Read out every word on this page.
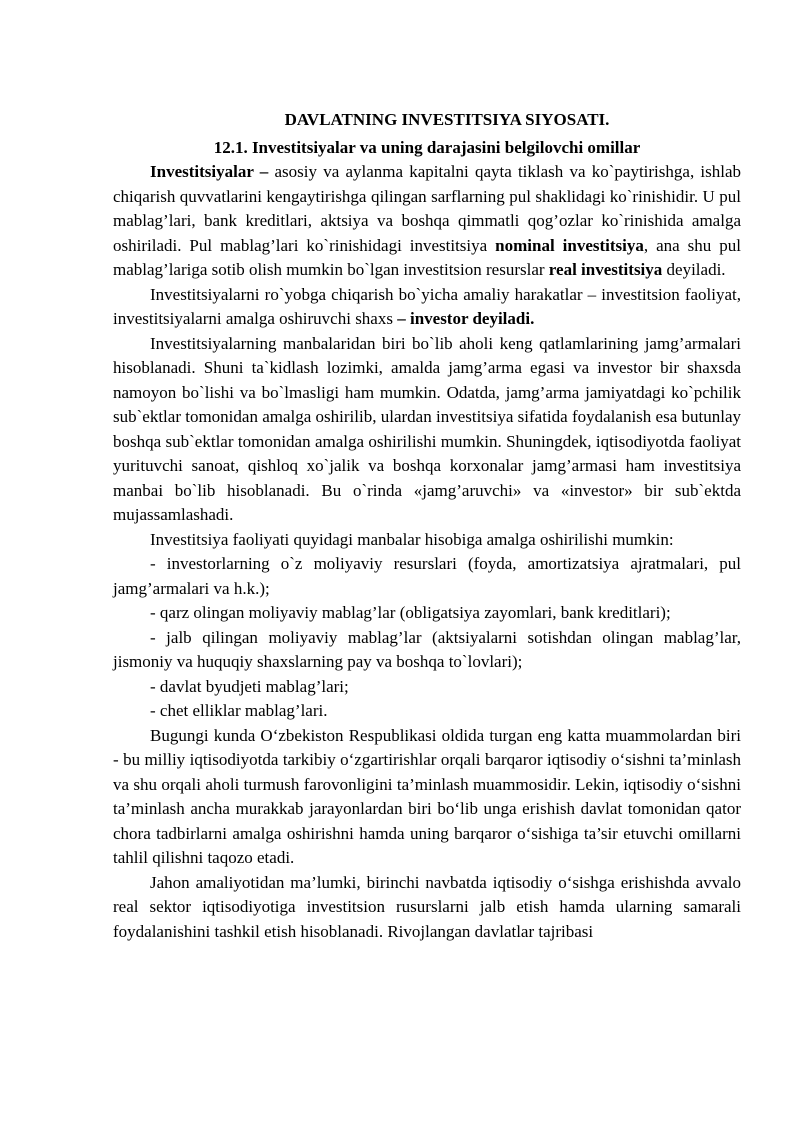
DAVLATNING INVESTITSIYA SIYOSATI.
12.1. Investitsiyalar va uning darajasini belgilovchi omillar

Investitsiyalar – asosiy va aylanma kapitalni qayta tiklash va ko`paytirishga, ishlab chiqarish quvvatlarini kengaytirishga qilingan sarflarning pul shaklidagi ko`rinishidir. U pul mablag’lari, bank kreditlari, aktsiya va boshqa qimmatli qog’ozlar ko`rinishida amalga oshiriladi. Pul mablag’lari ko`rinishidagi investitsiya nominal investitsiya, ana shu pul mablag’lariga sotib olish mumkin bo`lgan investitsion resurslar real investitsiya deyiladi.

Investitsiyalarni ro`yobga chiqarish bo`yicha amaliy harakatlar – investitsion faoliyat, investitsiyalarni amalga oshiruvchi shaxs – investor deyiladi.

Investitsiyalarning manbalaridan biri bo`lib aholi keng qatlamlarining jamg’armalari hisoblanadi. Shuni ta`kidlash lozimki, amalda jamg’arma egasi va investor bir shaxsda namoyon bo`lishi va bo`lmasligi ham mumkin. Odatda, jamg’arma jamiyatdagi ko`pchilik sub`ektlar tomonidan amalga oshirilib, ulardan investitsiya sifatida foydalanish esa butunlay boshqa sub`ektlar tomonidan amalga oshirilishi mumkin. Shuningdek, iqtisodiyotda faoliyat yurituvchi sanoat, qishloq xo`jalik va boshqa korxonalar jamg’armasi ham investitsiya manbai bo`lib hisoblanadi. Bu o`rinda «jamg’aruvchi» va «investor» bir sub`ektda mujassamlashadi.

Investitsiya faoliyati quyidagi manbalar hisobiga amalga oshirilishi mumkin:

- investorlarning o`z moliyaviy resurslari (foyda, amortizatsiya ajratmalari, pul jamg’armalari va h.k.);

- qarz olingan moliyaviy mablag’lar (obligatsiya zayomlari, bank kreditlari);

- jalb qilingan moliyaviy mablag’lar (aktsiyalarni sotishdan olingan mablag’lar, jismoniy va huquqiy shaxslarning pay va boshqa to`lovlari);

- davlat byudjeti mablag’lari;

- chet elliklar mablag’lari.

Bugungi kunda O‘zbekiston Respublikasi oldida turgan eng katta muammolardan biri - bu milliy iqtisodiyotda tarkibiy o‘zgartirishlar orqali barqaror iqtisodiy o‘sishni ta’minlash va shu orqali aholi turmush farovonligini ta’minlash muammosidir. Lekin, iqtisodiy o‘sishni ta’minlash ancha murakkab jarayonlardan biri bo‘lib unga erishish davlat tomonidan qator chora tadbirlarni amalga oshirishni hamda uning barqaror o‘sishiga ta’sir etuvchi omillarni tahlil qilishni taqozo etadi.

Jahon amaliyotidan ma’lumki, birinchi navbatda iqtisodiy o‘sishga erishishda avvalo real sektor iqtisodiyotiga investitsion rusurslarni jalb etish hamda ularning samarali foydalanishini tashkil etish hisoblanadi. Rivojlangan davlatlar tajribasi
